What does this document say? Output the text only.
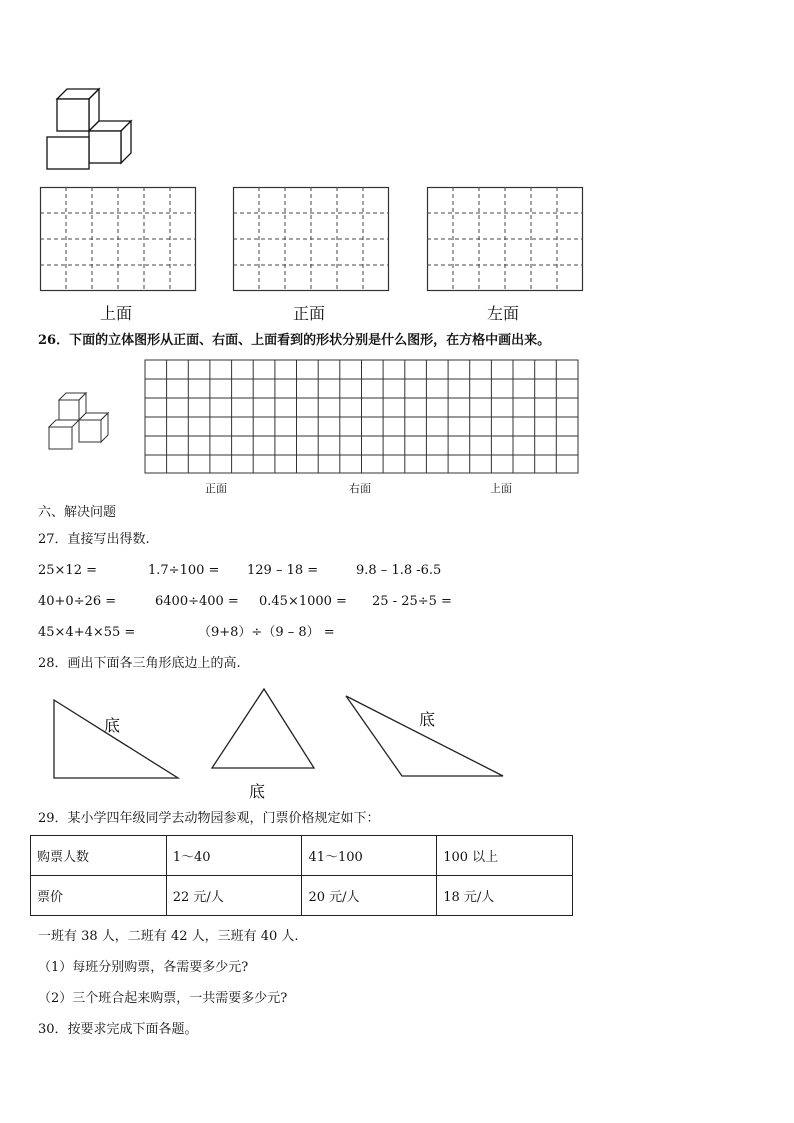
上面	正面	左面
26．下面的立体图形从正面、右面、上面看到的形状分别是什么图形，在方格中画出来。
正面	右面	上面
六、解决问题
27．直接写出得数.
25×12 =	1.7÷100 = 129 – 18 =	9.8 – 1.8 -6.5
40+0÷26 =	6400÷400 = 0.45×1000 = 25 - 25÷5 =
45×4+4×55 =	（9+8）÷（9 – 8） =
28．画出下面各三角形底边上的高.
底
底
底
29．某小学四年级同学去动物园参观，门票价格规定如下：
购票人数	1～40	41～100	100 以上
票价	22 元/人	20 元/人	18 元/人
一班有 38 人，二班有 42 人，三班有 40 人.
（1）每班分别购票，各需要多少元?
（2）三个班合起来购票，一共需要多少元?
30．按要求完成下面各题。
